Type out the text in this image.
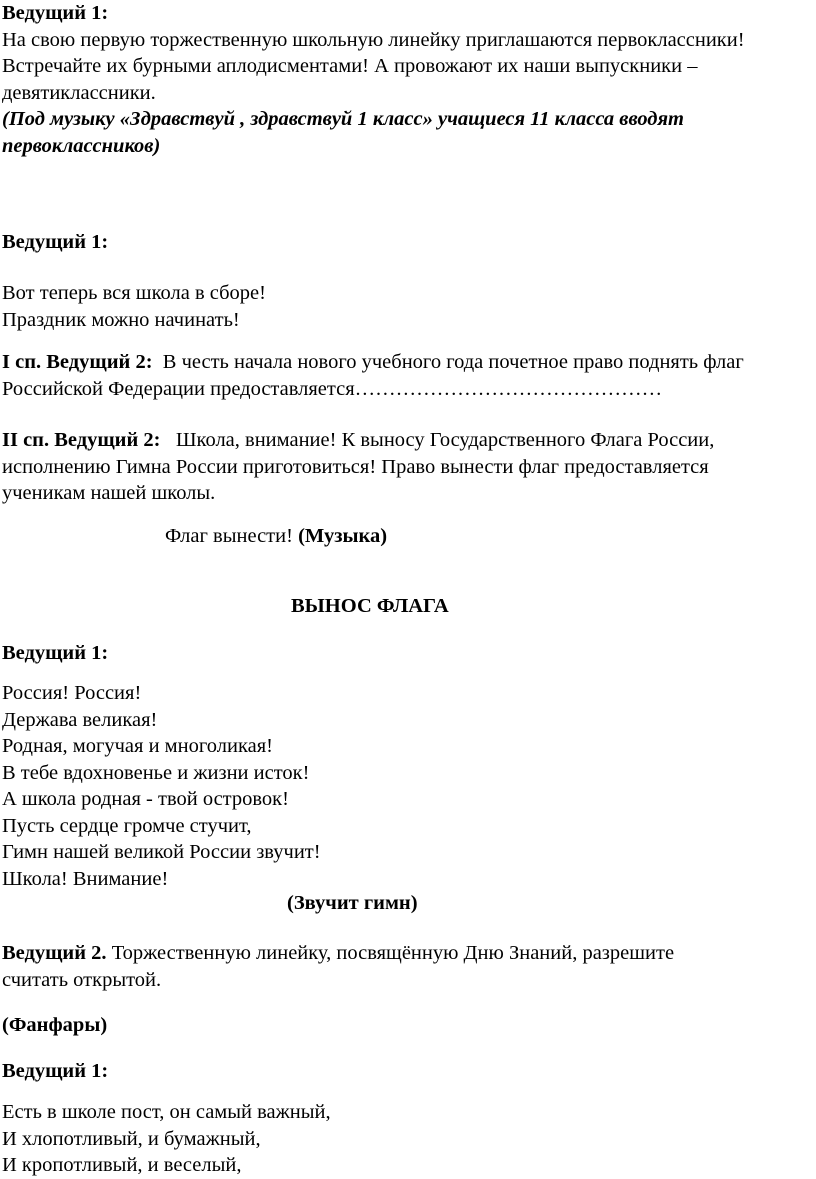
Ведущий 1:
На свою первую торжественную школьную линейку приглашаются первоклассники!
Встречайте их бурными аплодисментами! А провожают их наши выпускники –
девятиклассники.
(Под музыку «Здравствуй , здравствуй 1 класс» учащиеся 11 класса вводят
первоклассников)
Ведущий 1:
Вот теперь вся школа в сборе!
Праздник можно начинать!
I сп. Ведущий 2: В честь начала нового учебного года почетное право поднять флаг
Российской Федерации предоставляется………………………………………
II сп. Ведущий 2: Школа, внимание! К выносу Государственного Флага России,
исполнению Гимна России приготовиться! Право вынести флаг предоставляется
ученикам нашей школы.
Флаг вынести! (Музыка)
ВЫНОС ФЛАГА
Ведущий 1:
Россия! Россия!
Держава великая!
Родная, могучая и многоликая!
В тебе вдохновенье и жизни исток!
А школа родная - твой островок!
Пусть сердце громче стучит,
Гимн нашей великой России звучит!
Школа! Внимание!
(Звучит гимн)
Ведущий 2. Торжественную линейку, посвящённую Дню Знаний, разрешите
считать открытой.
(Фанфары)
Ведущий 1:
Есть в школе пост, он самый важный,
И хлопотливый, и бумажный,
И кропотливый, и веселый,
